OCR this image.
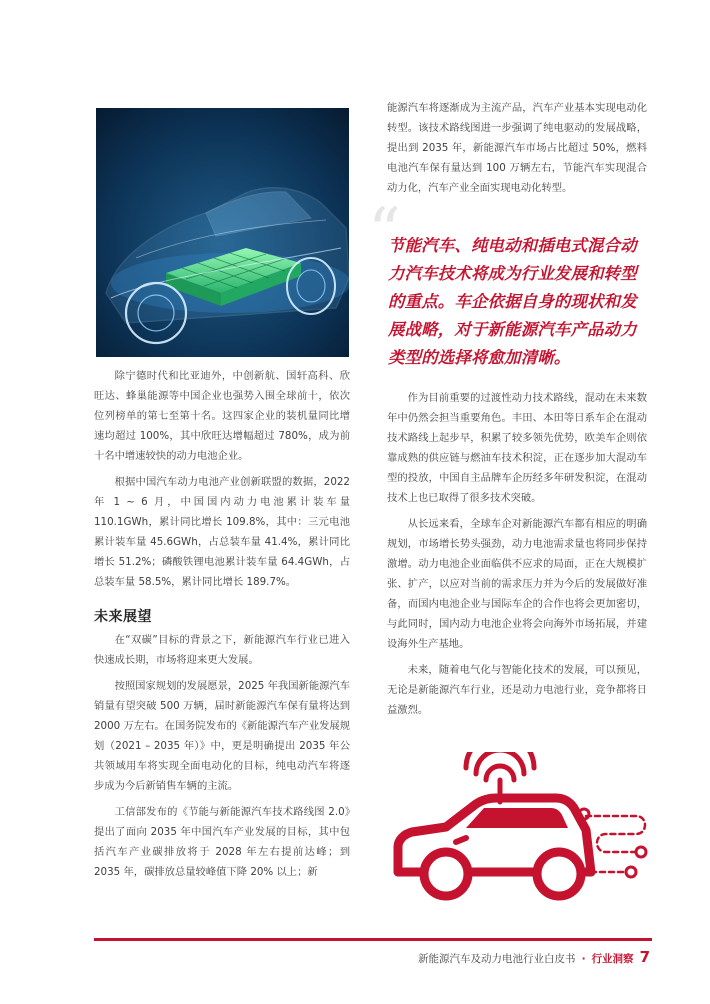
除宁德时代和比亚迪外，中创新航、国轩高科、欣旺达、蜂巢能源等中国企业也强势入围全球前十，依次位列榜单的第七至第十名。这四家企业的装机量同比增速均超过 100%，其中欣旺达增幅超过 780%，成为前十名中增速较快的动力电池企业。

根据中国汽车动力电池产业创新联盟的数据，2022 年 1 ~ 6 月，中国国内动力电池累计装车量 110.1GWh，累计同比增长 109.8%，其中：三元电池累计装车量 45.6GWh，占总装车量 41.4%，累计同比增长 51.2%；磷酸铁锂电池累计装车量 64.4GWh，占总装车量 58.5%，累计同比增长 189.7%。

未来展望

在“双碳”目标的背景之下，新能源汽车行业已进入快速成长期，市场将迎来更大发展。

按照国家规划的发展愿景，2025 年我国新能源汽车销量有望突破 500 万辆，届时新能源汽车保有量将达到 2000 万左右。在国务院发布的《新能源汽车产业发展规划（2021 – 2035 年）》中，更是明确提出 2035 年公共领域用车将实现全面电动化的目标，纯电动汽车将逐步成为今后新销售车辆的主流。

工信部发布的《节能与新能源汽车技术路线图 2.0》提出了面向 2035 年中国汽车产业发展的目标，其中包括汽车产业碳排放将于 2028 年左右提前达峰；到 2035 年，碳排放总量较峰值下降 20% 以上；新

能源汽车将逐渐成为主流产品，汽车产业基本实现电动化转型。该技术路线图进一步强调了纯电驱动的发展战略，提出到 2035 年，新能源汽车市场占比超过 50%，燃料电池汽车保有量达到 100 万辆左右，节能汽车实现混合动力化，汽车产业全面实现电动化转型。

“
节能汽车、纯电动和插电式混合动力汽车技术将成为行业发展和转型的重点。车企依据自身的现状和发展战略，对于新能源汽车产品动力类型的选择将愈加清晰。

作为目前重要的过渡性动力技术路线，混动在未来数年中仍然会担当重要角色。丰田、本田等日系车企在混动技术路线上起步早，积累了较多领先优势，欧美车企则依靠成熟的供应链与燃油车技术积淀，正在逐步加大混动车型的投放，中国自主品牌车企历经多年研发积淀，在混动技术上也已取得了很多技术突破。

从长远来看，全球车企对新能源汽车都有相应的明确规划，市场增长势头强劲，动力电池需求量也将同步保持激增。动力电池企业面临供不应求的局面，正在大规模扩张、扩产，以应对当前的需求压力并为今后的发展做好准备，而国内电池企业与国际车企的合作也将会更加密切，与此同时，国内动力电池企业将会向海外市场拓展，并建设海外生产基地。

未来，随着电气化与智能化技术的发展，可以预见，无论是新能源汽车行业，还是动力电池行业，竞争都将日益激烈。

新能源汽车及动力电池行业白皮书 · 行业洞察 7
